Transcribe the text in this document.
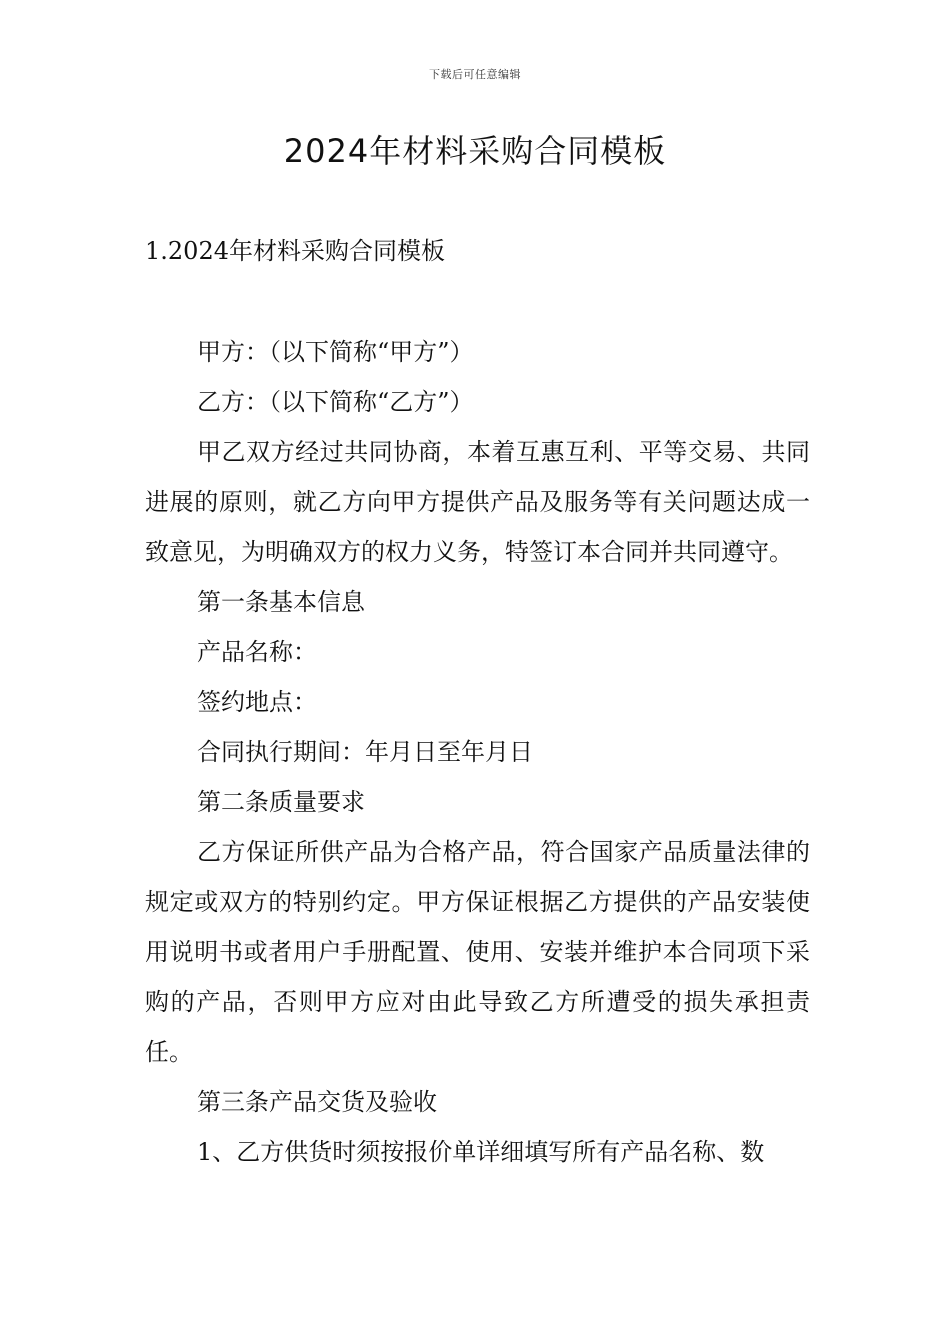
下载后可任意编辑
2024年材料采购合同模板
1.2024年材料采购合同模板

甲方：（以下简称“甲方”）

乙方：（以下简称“乙方”）

甲乙双方经过共同协商，本着互惠互利、平等交易、共同进展的原则，就乙方向甲方提供产品及服务等有关问题达成一致意见，为明确双方的权力义务，特签订本合同并共同遵守。

第一条基本信息

产品名称：

签约地点：

合同执行期间：年月日至年月日

第二条质量要求

乙方保证所供产品为合格产品，符合国家产品质量法律的规定或双方的特别约定。甲方保证根据乙方提供的产品安装使用说明书或者用户手册配置、使用、安装并维护本合同项下采购的产品，否则甲方应对由此导致乙方所遭受的损失承担责任。

第三条产品交货及验收

1、乙方供货时须按报价单详细填写所有产品名称、数
